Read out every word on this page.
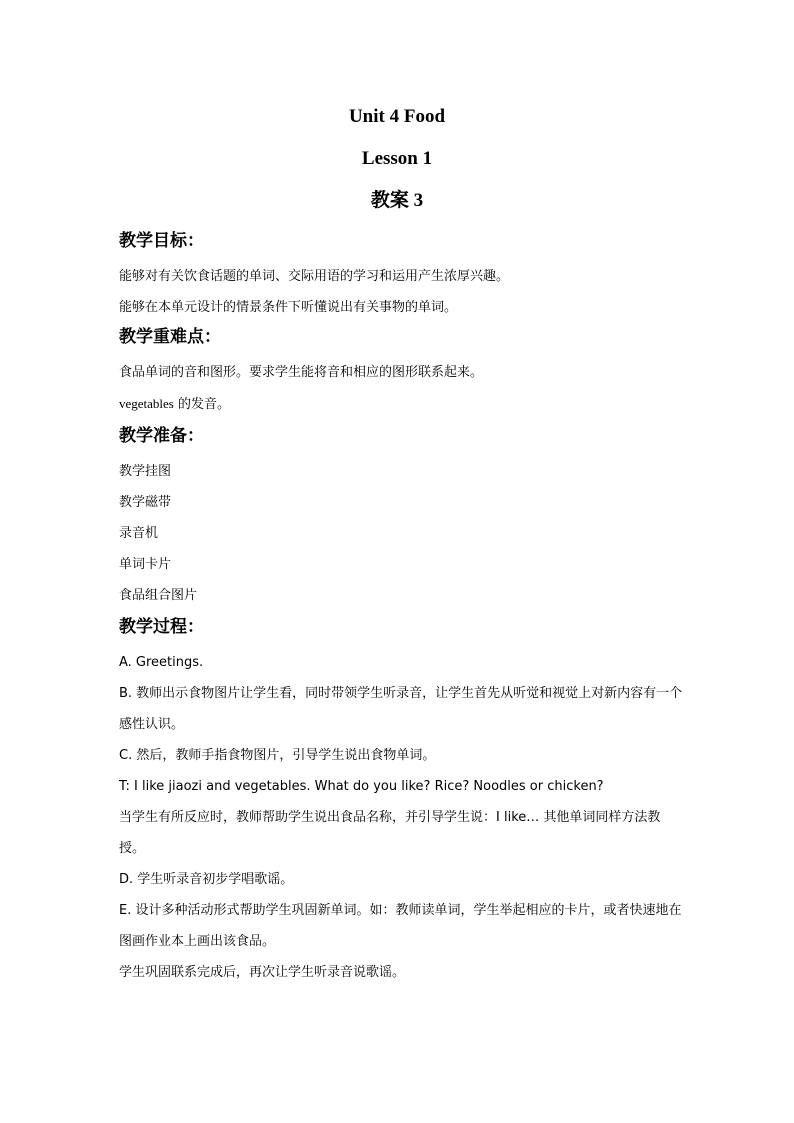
Unit 4 Food
Lesson 1
教案 3
教学目标：

能够对有关饮食话题的单词、交际用语的学习和运用产生浓厚兴趣。

能够在本单元设计的情景条件下听懂说出有关事物的单词。

教学重难点：

食品单词的音和图形。要求学生能将音和相应的图形联系起来。

vegetables 的发音。

教学准备：

教学挂图

教学磁带

录音机

单词卡片

食品组合图片

教学过程：

A. Greetings.

B. 教师出示食物图片让学生看，同时带领学生听录音，让学生首先从听觉和视觉上对新内容有一个感性认识。

C. 然后，教师手指食物图片，引导学生说出食物单词。

T: I like jiaozi and vegetables. What do you like? Rice? Noodles or chicken?

当学生有所反应时，教师帮助学生说出食品名称，并引导学生说：I like… 其他单词同样方法教授。

D. 学生听录音初步学唱歌谣。

E. 设计多种活动形式帮助学生巩固新单词。如：教师读单词，学生举起相应的卡片，或者快速地在图画作业本上画出该食品。

学生巩固联系完成后，再次让学生听录音说歌谣。
